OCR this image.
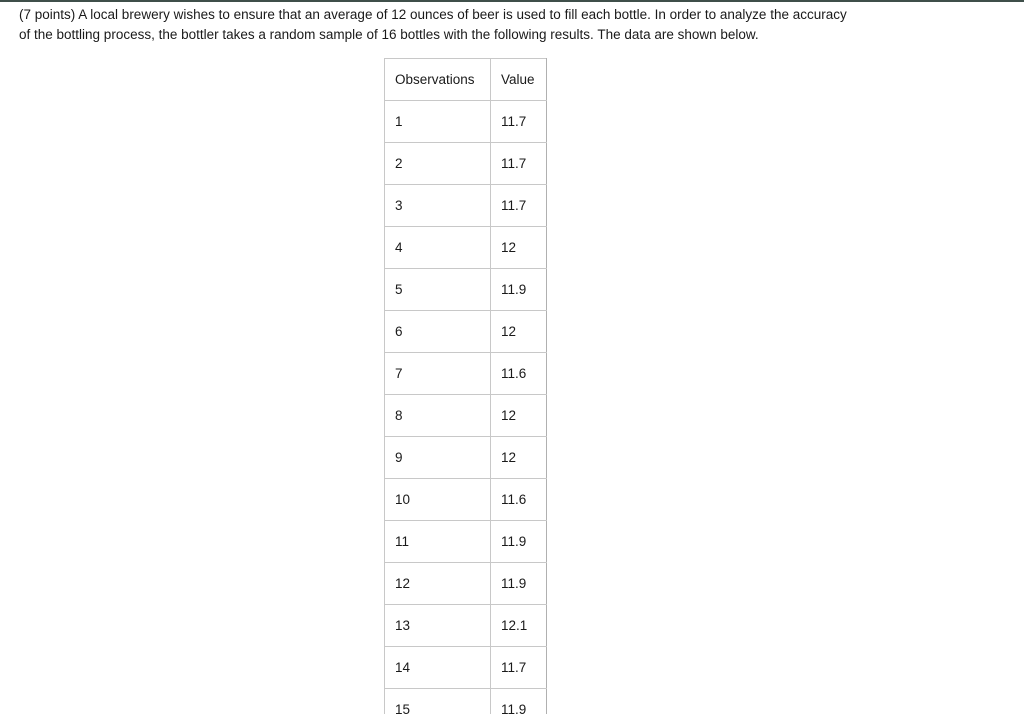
(7 points) A local brewery wishes to ensure that an average of 12 ounces of beer is used to fill each bottle. In order to analyze the accuracy
of the bottling process, the bottler takes a random sample of 16 bottles with the following results. The data are shown below.

Observations	Value
1	11.7
2	11.7
3	11.7
4	12
5	11.9
6	12
7	11.6
8	12
9	12
10	11.6
11	11.9
12	11.9
13	12.1
14	11.7
15	11.9
